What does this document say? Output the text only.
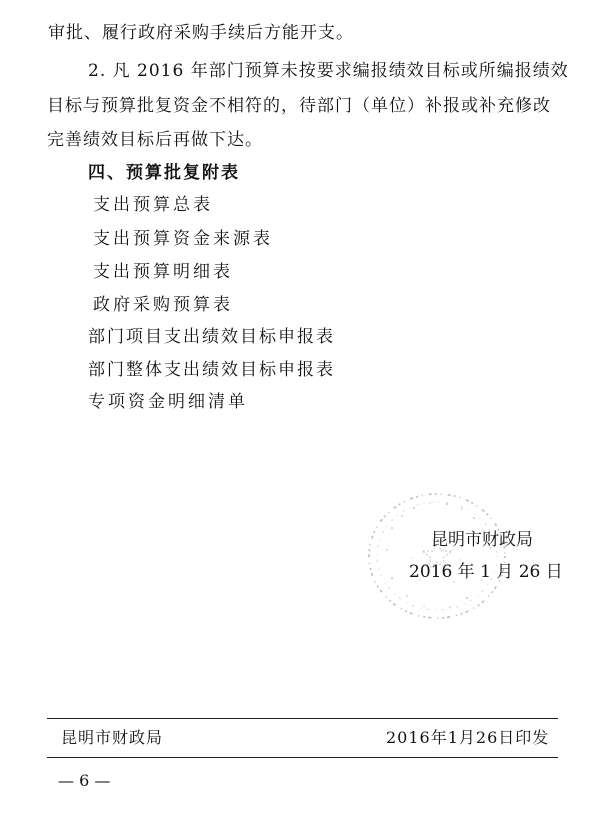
审批、履行政府采购手续后方能开支。
2. 凡 2016 年部门预算未按要求编报绩效目标或所编报绩效
目标与预算批复资金不相符的，待部门（单位）补报或补充修改
完善绩效目标后再做下达。
四、预算批复附表
支出预算总表
支出预算资金来源表
支出预算明细表
政府采购预算表
部门项目支出绩效目标申报表
部门整体支出绩效目标申报表
专项资金明细清单
昆明市财政局
2016 年 1 月 26 日
昆明市财政局	2016年1月26日印发
— 6 —
